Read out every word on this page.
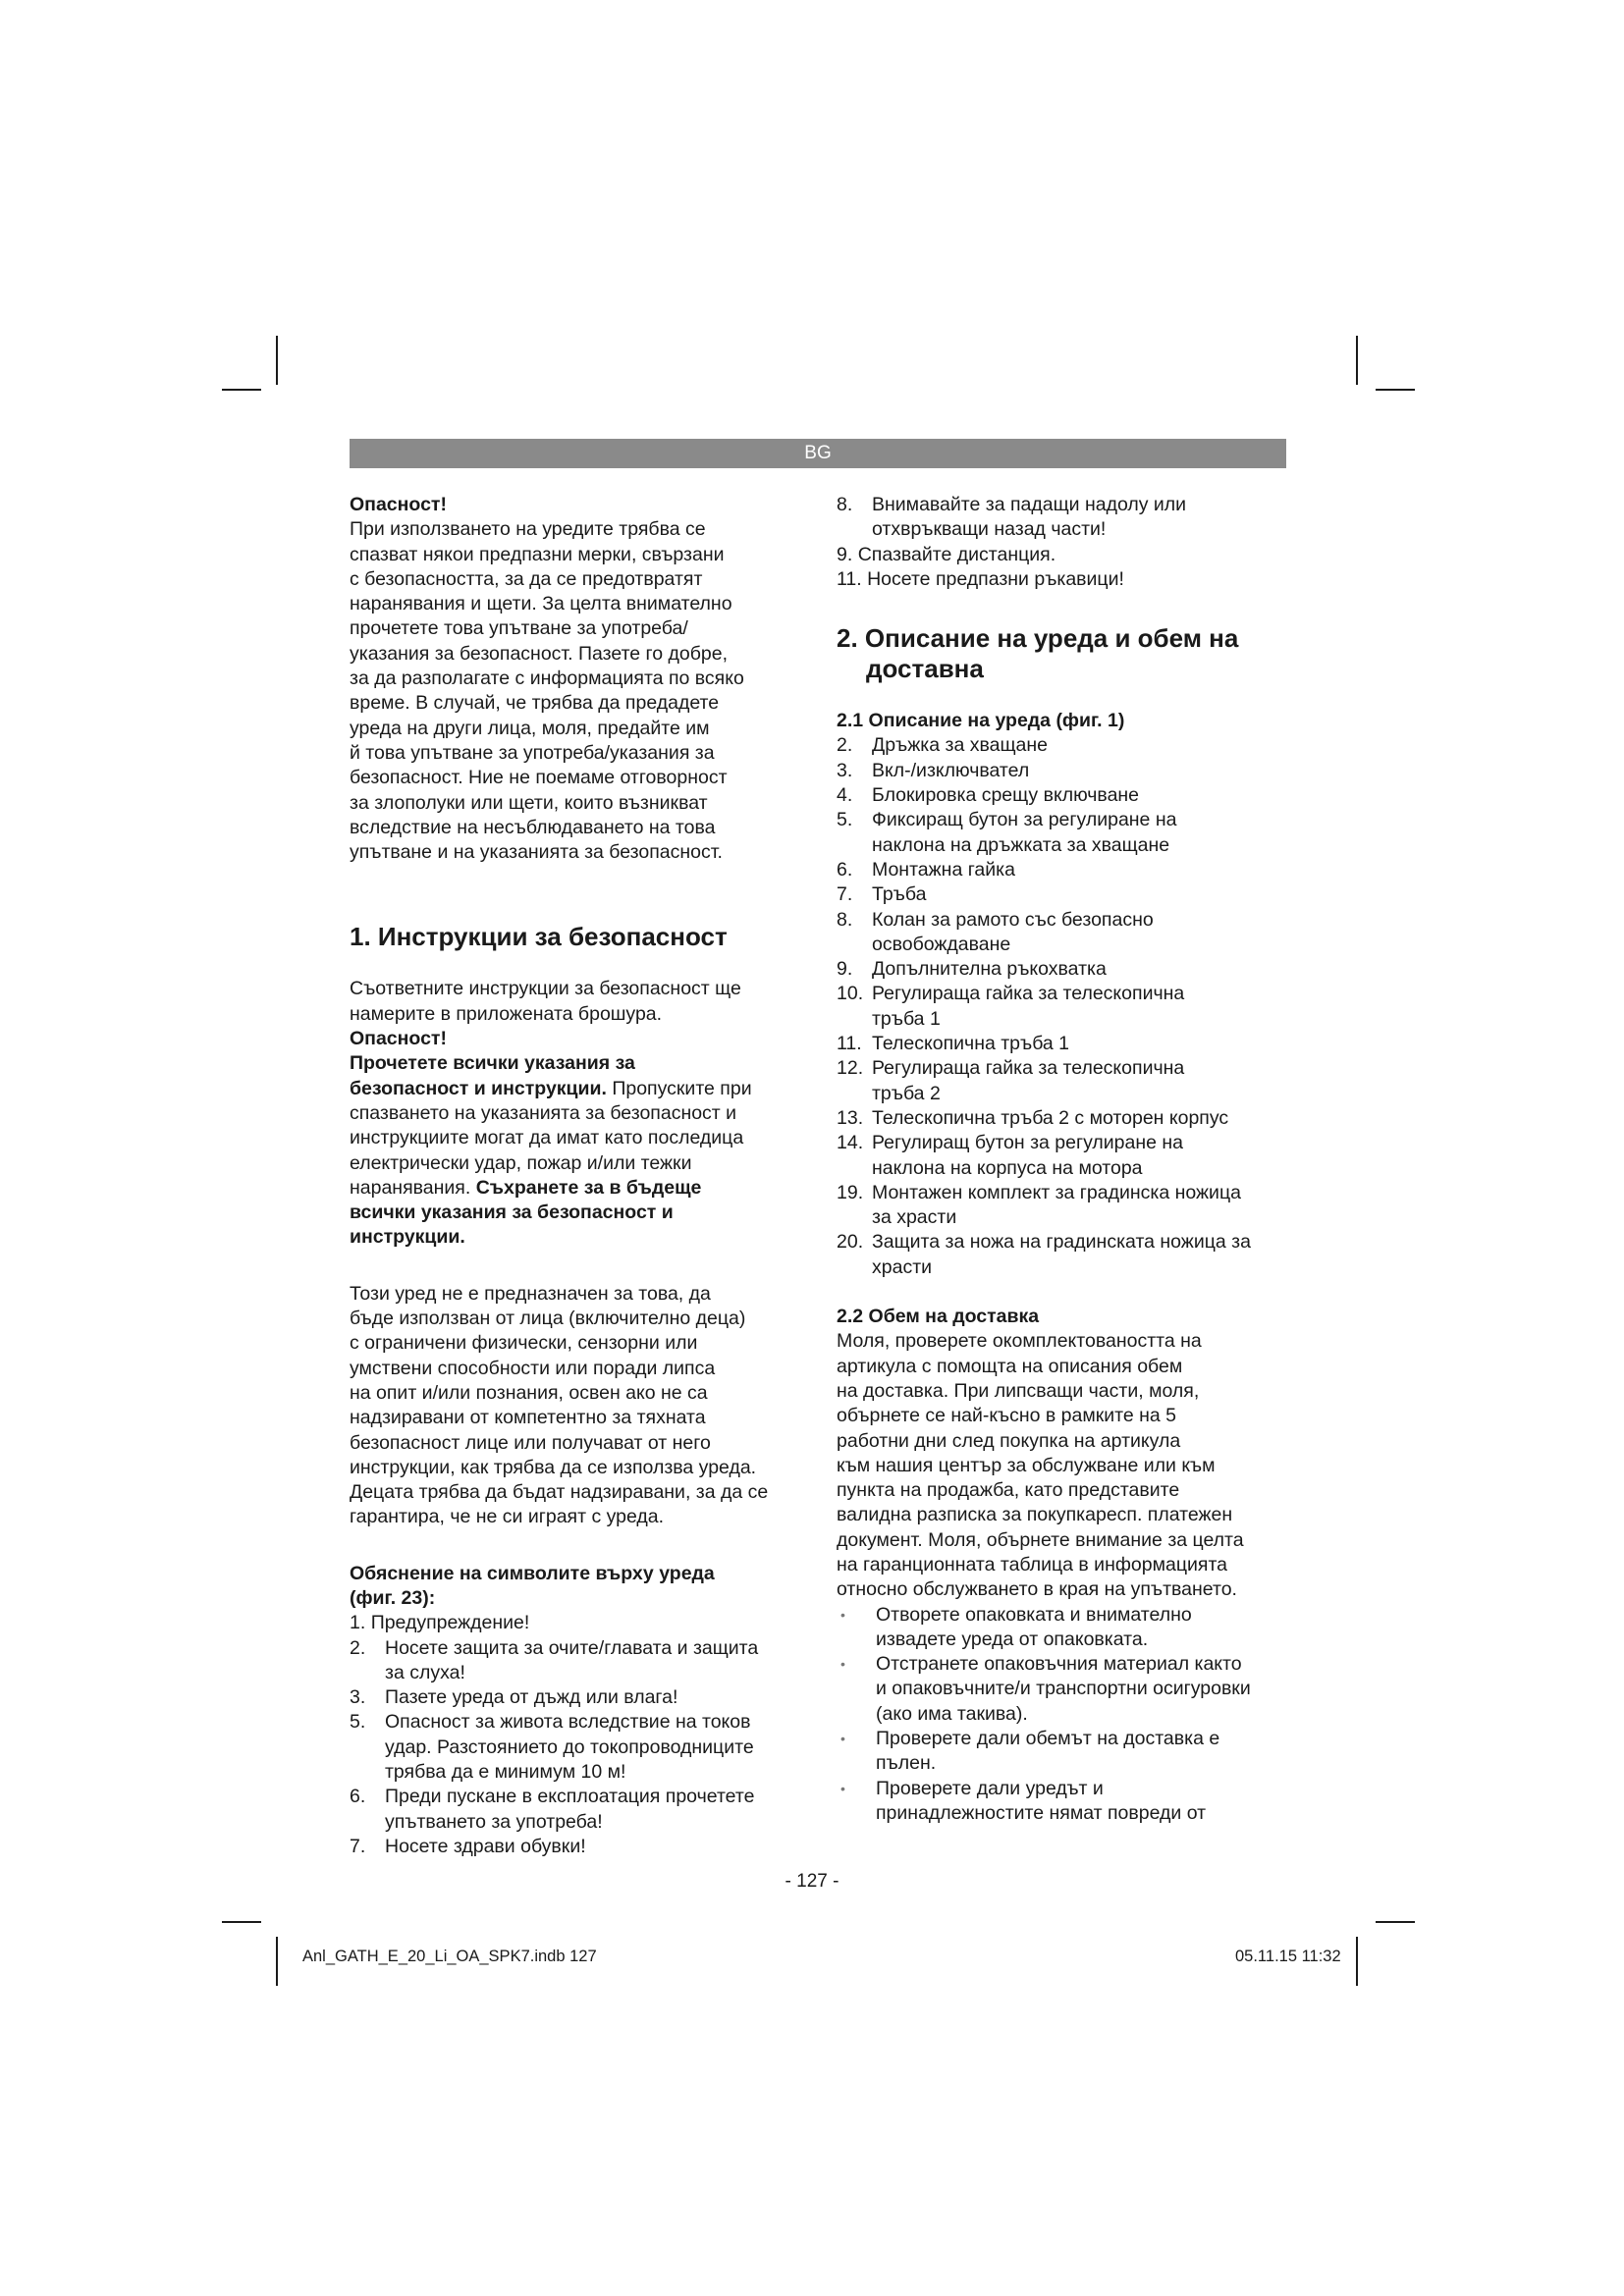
BG

Опасност!

При използването на уредите трябва се
спазват някои предпазни мерки, свързани
с безопасността, за да се предотвратят
наранявания и щети. За целта внимателно
прочетете това упътване за употреба/
указания за безопасност. Пазете го добре,
за да разполагате с информацията по всяко
време. В случай, че трябва да предадете
уреда на други лица, моля, предайте им
й това упътване за употреба/указания за
безопасност. Ние не поемаме отговорност
за злополуки или щети, които възникват
вследствие на несъблюдаването на това
упътване и на указанията за безопасност.

1. Инструкции за безопасност

Съответните инструкции за безопасност ще
намерите в приложената брошура.
Опасност!
Прочетете всички указания за
безопасност и инструкции. Пропуските при
спазването на указанията за безопасност и
инструкциите могат да имат като последица
електрически удар, пожар и/или тежки
наранявания. Съхранете за в бъдеще
всички указания за безопасност и
инструкции.
Този уред не е предназначен за това, да
бъде използван от лица (включително деца)
с ограничени физически, сензорни или
умствени способности или поради липса
на опит и/или познания, освен ако не са
надзиравани от компетентно за тяхната
безопасност лице или получават от него
инструкции, как трябва да се използва уреда.
Децата трябва да бъдат надзиравани, за да се
гарантира, че не си играят с уреда.
Обяснение на символите върху уреда
(фиг. 23):
1. Предупреждение!
2. Носете защита за очите/главата и защита
за слуха!
3. Пазете уреда от дъжд или влага!
5. Опасност за живота вследствие на токов
удар. Разстоянието до токопроводниците
трябва да е минимум 10 м!
6. Преди пускане в експлоатация прочетете
упътването за употреба!
7. Носете здрави обувки!
8. Внимавайте за падащи надолу или
отхвръкващи назад части!
9. Спазвайте дистанция.
11. Носете предпазни ръкавици!
2. Описание на уреда и обем на
доставна
2.1 Описание на уреда (фиг. 1)
2. Дръжка за хващане
3. Вкл-/изключвател
4. Блокировка срещу включване
5. Фиксиращ бутон за регулиране на
наклона на дръжката за хващане
6. Монтажна гайка
7. Тръба
8. Колан за рамото със безопасно
освобождаване
9. Допълнителна ръкохватка
10. Регулираща гайка за телескопична
тръба 1
11. Телескопична тръба 1
12. Регулираща гайка за телескопична
тръба 2
13. Телескопична тръба 2 с моторен корпус
14. Регулиращ бутон за регулиране на
наклона на корпуса на мотора
19. Монтажен комплект за градинска ножица
за храсти
20. Защита за ножа на градинската ножица за
храсти
2.2 Обем на доставка
Моля, проверете окомплектоваността на
артикула с помощта на описания обем
на доставка. При липсващи части, моля,
обърнете се най-късно в рамките на 5
работни дни след покупка на артикула
към нашия център за обслужване или към
пункта на продажба, като представите
валидна разписка за покупкаресп. платежен
документ. Моля, обърнете внимание за целта
на гаранционната таблица в информацията
относно обслужването в края на упътването.
• Отворете опаковката и внимателно
извадете уреда от опаковката.
• Отстранете опаковъчния материал както
и опаковъчните/и транспортни осигуровки
(ако има такива).
• Проверете дали обемът на доставка е
пълен.
• Проверете дали уредът и
принадлежностите нямат повреди от
- 127 -
Anl_GATH_E_20_Li_OA_SPK7.indb 127	05.11.15 11:32
